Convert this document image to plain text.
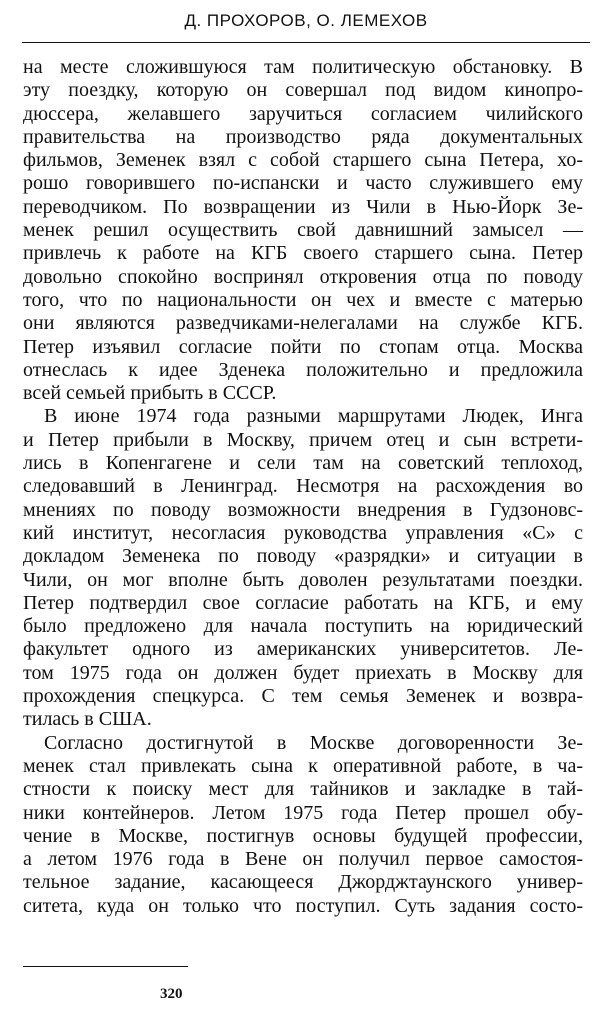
Д. ПРОХОРОВ, О. ЛЕМЕХОВ
на месте сложившуюся там политическую обстановку. В
эту поездку, которую он совершал под видом кинопро-
дюссера, желавшего заручиться согласием чилийского
правительства на производство ряда документальных
фильмов, Земенек взял с собой старшего сына Петера, хо-
рошо говорившего по-испански и часто служившего ему
переводчиком. По возвращении из Чили в Нью-Йорк Зе-
менек решил осуществить свой давнишний замысел —
привлечь к работе на КГБ своего старшего сына. Петер
довольно спокойно воспринял откровения отца по поводу
того, что по национальности он чех и вместе с матерью
они являются разведчиками-нелегалами на службе КГБ.
Петер изъявил согласие пойти по стопам отца. Москва
отнеслась к идее Зденека положительно и предложила
всей семьей прибыть в СССР.
В июне 1974 года разными маршрутами Людек, Инга
и Петер прибыли в Москву, причем отец и сын встрети-
лись в Копенгагене и сели там на советский теплоход,
следовавший в Ленинград. Несмотря на расхождения во
мнениях по поводу возможности внедрения в Гудзоновс-
кий институт, несогласия руководства управления «С» с
докладом Земенека по поводу «разрядки» и ситуации в
Чили, он мог вполне быть доволен результатами поездки.
Петер подтвердил свое согласие работать на КГБ, и ему
было предложено для начала поступить на юридический
факультет одного из американских университетов. Ле-
том 1975 года он должен будет приехать в Москву для
прохождения спецкурса. С тем семья Земенек и возвра-
тилась в США.
Согласно достигнутой в Москве договоренности Зе-
менек стал привлекать сына к оперативной работе, в ча-
стности к поиску мест для тайников и закладке в тай-
ники контейнеров. Летом 1975 года Петер прошел обу-
чение в Москве, постигнув основы будущей профессии,
а летом 1976 года в Вене он получил первое самостоя-
тельное задание, касающееся Джорджтаунского универ-
ситета, куда он только что поступил. Суть задания состо-
320
